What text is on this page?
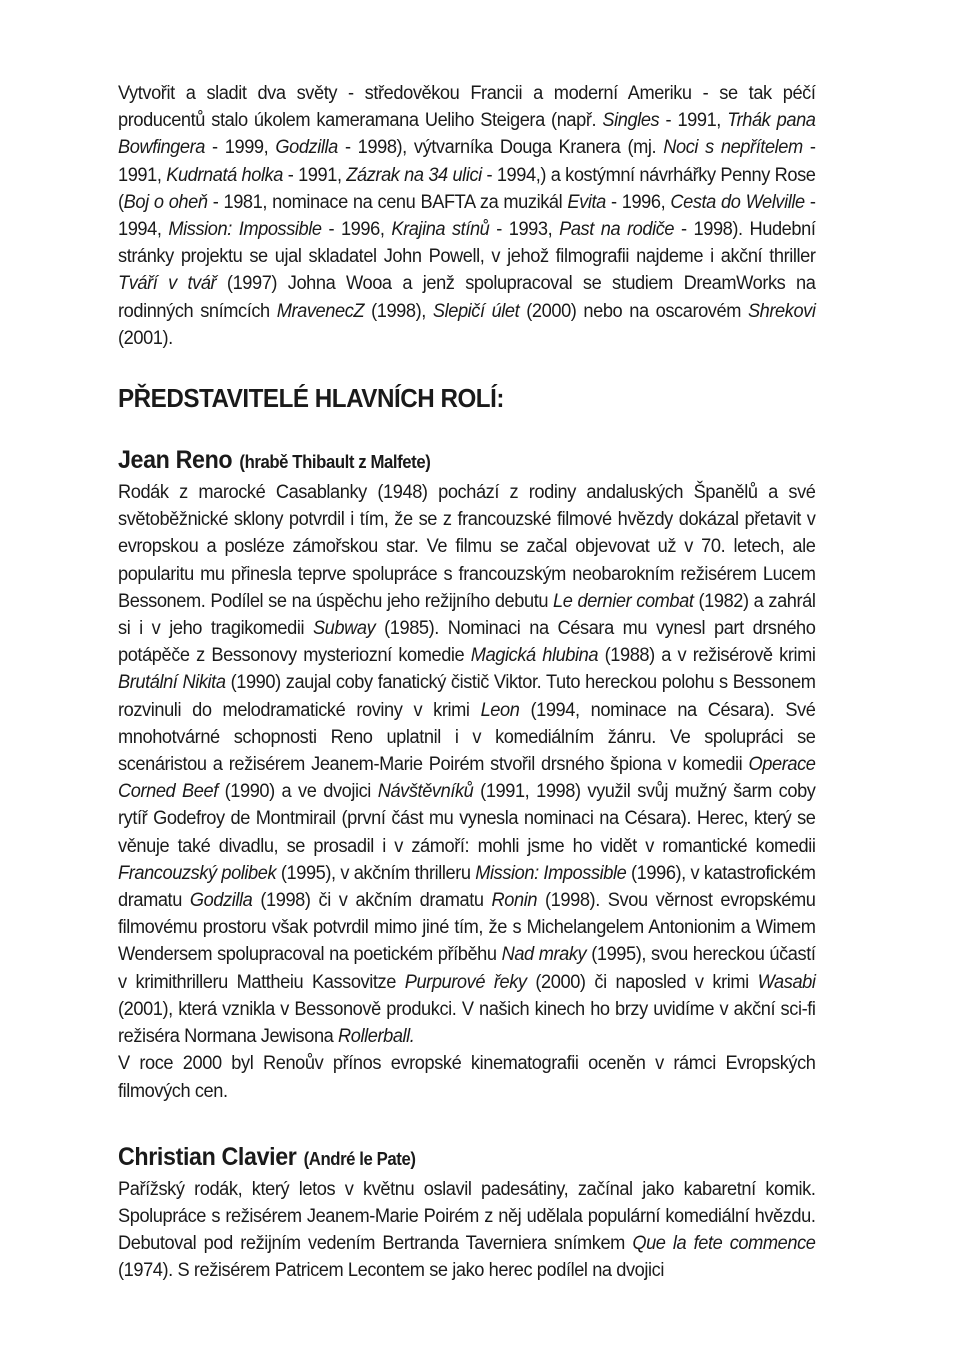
Vytvořit a sladit dva světy - středověkou Francii a moderní Ameriku - se tak péčí producentů stalo úkolem kameramana Ueliho Steigera (např. Singles - 1991, Trhák pana Bowfingera - 1999, Godzilla - 1998), výtvarníka Douga Kranera (mj. Noci s nepřítelem - 1991, Kudrnatá holka - 1991, Zázrak na 34 ulici - 1994,) a kostýmní návrhářky Penny Rose (Boj o oheň - 1981, nominace na cenu BAFTA za muzikál Evita - 1996, Cesta do Welville - 1994, Mission: Impossible - 1996, Krajina stínů - 1993, Past na rodiče - 1998). Hudební stránky projektu se ujal skladatel John Powell, v jehož filmografii najdeme i akční thriller Tváří v tvář (1997) Johna Wooa a jenž spolupracoval se studiem DreamWorks na rodinných snímcích MravenecZ (1998), Slepičí úlet (2000) nebo na oscarovém Shrekovi (2001).

PŘEDSTAVITELÉ HLAVNÍCH ROLÍ:
Jean Reno (hrabě Thibault z Malfete)

Rodák z marocké Casablanky (1948) pochází z rodiny andaluských Španělů a své světoběžnické sklony potvrdil i tím, že se z francouzské filmové hvězdy dokázal přetavit v evropskou a posléze zámořskou star. Ve filmu se začal objevovat už v 70. letech, ale popularitu mu přinesla teprve spolupráce s francouzským neobarokním režisérem Lucem Bessonem. Podílel se na úspěchu jeho režijního debutu Le dernier combat (1982) a zahrál si i v jeho tragikomedii Subway (1985). Nominaci na Césara mu vynesl part drsného potápěče z Bessonovy mysteriozní komedie Magická hlubina (1988) a v režisérově krimi Brutální Nikita (1990) zaujal coby fanatický čistič Viktor. Tuto hereckou polohu s Bessonem rozvinuli do melodramatické roviny v krimi Leon (1994, nominace na Césara). Své mnohotvárné schopnosti Reno uplatnil i v komediálním žánru. Ve spolupráci se scenáristou a režisérem Jeanem-Marie Poirém stvořil drsného špiona v komedii Operace Corned Beef (1990) a ve dvojici Návštěvníků (1991, 1998) využil svůj mužný šarm coby rytíř Godefroy de Montmirail (první část mu vynesla nominaci na Césara). Herec, který se věnuje také divadlu, se prosadil i v zámoří: mohli jsme ho vidět v romantické komedii Francouzský polibek (1995), v akčním thrilleru Mission: Impossible (1996), v katastrofickém dramatu Godzilla (1998) či v akčním dramatu Ronin (1998). Svou věrnost evropskému filmovému prostoru však potvrdil mimo jiné tím, že s Michelangelem Antonionim a Wimem Wendersem spolupracoval na poetickém příběhu Nad mraky (1995), svou hereckou účastí v krimithrilleru Mattheiu Kassovitze Purpurové řeky (2000) či naposled v krimi Wasabi (2001), která vznikla v Bessonově produkci. V našich kinech ho brzy uvidíme v akční sci-fi režiséra Normana Jewisona Rollerball.

V roce 2000 byl Renoův přínos evropské kinematografii oceněn v rámci Evropských filmových cen.

Christian Clavier (André le Pate)

Pařížský rodák, který letos v květnu oslavil padesátiny, začínal jako kabaretní komik. Spolupráce s režisérem Jeanem-Marie Poirém z něj udělala populární komediální hvězdu. Debutoval pod režijním vedením Bertranda Taverniera snímkem Que la fete commence (1974). S režisérem Patricem Lecontem se jako herec podílel na dvojici
